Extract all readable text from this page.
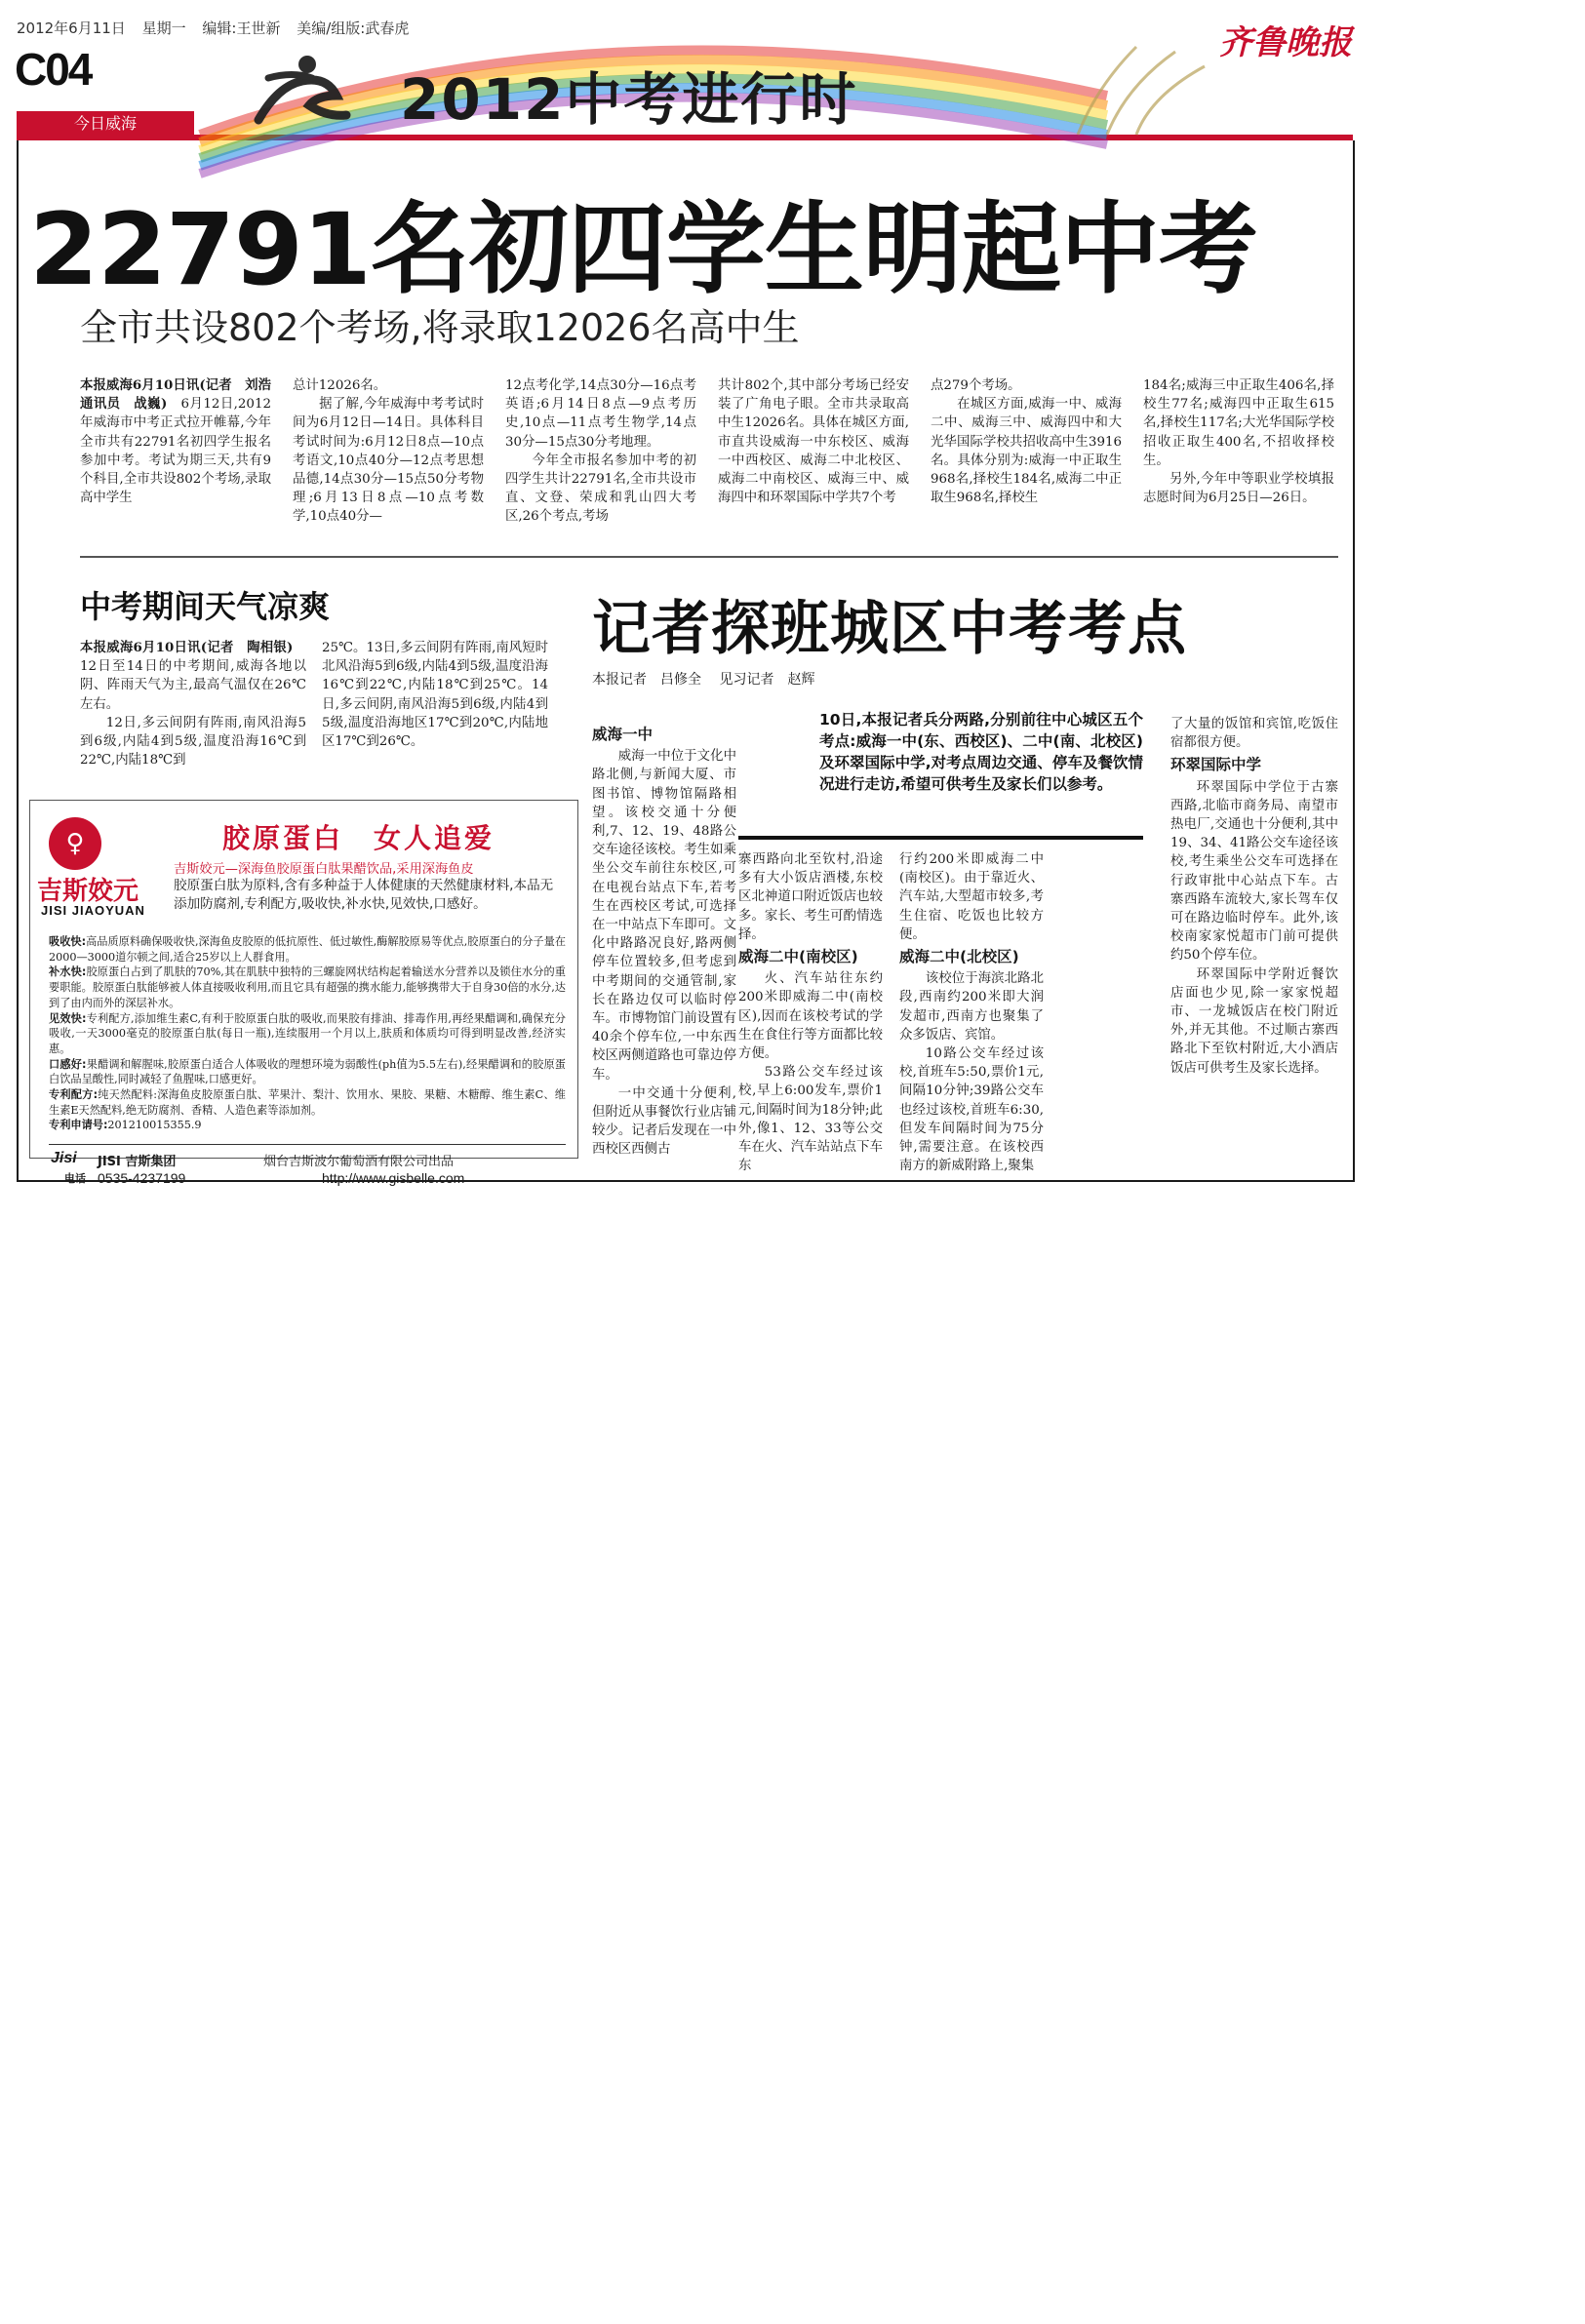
2012年6月11日 星期一 编辑:王世新 美编/组版:武春虎
C04
今日威海	2012中考进行时
齐鲁晚报
22791名初四学生明起中考
全市共设802个考场,将录取12026名高中生
本报威海6月10日讯(记者　刘浩　通讯员　战巍)　6月12日,2012年威海市中考正式拉开帷幕,今年全市共有22791名初四学生报名参加中考。考试为期三天,共有9个科目,全市共设802个考场,录取高中学生
总计12026名。
据了解,今年威海中考考试时间为6月12日—14日。具体科目考试时间为:6月12日8点—10点考语文,10点40分—12点考思想品德,14点30分—15点50分考物理;6月13日8点—10点考数学,10点40分—
12点考化学,14点30分—16点考英语;6月14日8点—9点考历史,10点—11点考生物学,14点30分—15点30分考地理。
今年全市报名参加中考的初四学生共计22791名,全市共设市直、文登、荣成和乳山四大考区,26个考点,考场
共计802个,其中部分考场已经安装了广角电子眼。全市共录取高中生12026名。具体在城区方面,市直共设威海一中东校区、威海一中西校区、威海二中北校区、威海二中南校区、威海三中、威海四中和环翠国际中学共7个考
点279个考场。
在城区方面,威海一中、威海二中、威海三中、威海四中和大光华国际学校共招收高中生3916名。具体分别为:威海一中正取生968名,择校生184名,威海二中正取生968名,择校生
184名;威海三中正取生406名,择校生77名;威海四中正取生615名,择校生117名;大光华国际学校招收正取生400名,不招收择校生。
另外,今年中等职业学校填报志愿时间为6月25日—26日。
中考期间天气凉爽
本报威海6月10日讯(记者　陶相银)　12日至14日的中考期间,威海各地以阴、阵雨天气为主,最高气温仅在26℃左右。
12日,多云间阴有阵雨,南风沿海5到6级,内陆4到5级,温度沿海16℃到22℃,内陆18℃到
25℃。13日,多云间阴有阵雨,南风短时北风沿海5到6级,内陆4到5级,温度沿海16℃到22℃,内陆18℃到25℃。14日,多云间阴,南风沿海5到6级,内陆4到5级,温度沿海地区17℃到20℃,内陆地区17℃到26℃。
记者探班城区中考考点
本报记者　吕修全 见习记者　赵辉
10日,本报记者兵分两路,分别前往中心城区五个考点:威海一中(东、西校区)、二中(南、北校区)及环翠国际中学,对考点周边交通、停车及餐饮情况进行走访,希望可供考生及家长们以参考。
威海一中

威海一中位于文化中路北侧,与新闻大厦、市图书馆、博物馆隔路相望。该校交通十分便利,7、12、19、48路公交车途径该校。考生如乘坐公交车前往东校区,可在电视台站点下车,若考生在西校区考试,可选择在一中站点下车即可。文化中路路况良好,路两侧停车位置较多,但考虑到中考期间的交通管制,家长在路边仅可以临时停车。市博物馆门前设置有40余个停车位,一中东西校区两侧道路也可靠边停车。

一中交通十分便利,但附近从事餐饮行业店铺较少。记者后发现在一中西校区西侧古

寨西路向北至钦村,沿途多有大小饭店酒楼,东校区北神道口附近饭店也较多。家长、考生可酌情选择。

威海二中(南校区)

火、汽车站往东约200米即威海二中(南校区),因而在该校考试的学生在食住行等方面都比较方便。

53路公交车经过该校,早上6:00发车,票价1元,间隔时间为18分钟;此外,像1、12、33等公交车在火、汽车站站点下车东

行约200米即威海二中(南校区)。由于靠近火、汽车站,大型超市较多,考生住宿、吃饭也比较方便。

威海二中(北校区)

该校位于海滨北路北段,西南约200米即大润发超市,西南方也聚集了众多饭店、宾馆。

10路公交车经过该校,首班车5:50,票价1元,间隔10分钟;39路公交车也经过该校,首班车6:30,但发车间隔时间为75分钟,需要注意。在该校西南方的新威附路上,聚集

了大量的饭馆和宾馆,吃饭住宿都很方便。

环翠国际中学

环翠国际中学位于古寨西路,北临市商务局、南望市热电厂,交通也十分便利,其中19、34、41路公交车途径该校,考生乘坐公交车可选择在行政审批中心站点下车。古寨西路车流较大,家长驾车仅可在路边临时停车。此外,该校南家家悦超市门前可提供约50个停车位。

环翠国际中学附近餐饮店面也少见,除一家家悦超市、一龙城饭店在校门附近外,并无其他。不过顺古寨西路北下至钦村附近,大小酒店饭店可供考生及家长选择。

♀
吉斯姣元
JISI JIAOYUAN
胶原蛋白　女人追爱
吉斯姣元—深海鱼胶原蛋白肽果醋饮品,采用深海鱼皮
胶原蛋白肽为原料,含有多种益于人体健康的天然健康材料,本品无添加防腐剂,专利配方,吸收快,补水快,见效快,口感好。
吸收快:高品质原料确保吸收快,深海鱼皮胶原的低抗原性、低过敏性,酶解胶原易等优点,胶原蛋白的分子量在2000—3000道尔顿之间,适合25岁以上人群食用。
补水快:胶原蛋白占到了肌肤的70%,其在肌肤中独特的三螺旋网状结构起着输送水分营养以及锁住水分的重要职能。胶原蛋白肽能够被人体直接吸收利用,而且它具有超强的携水能力,能够携带大于自身30倍的水分,达到了由内而外的深层补水。
见效快:专利配方,添加维生素C,有利于胶原蛋白肽的吸收,而果胶有排油、排毒作用,再经果醋调和,确保充分吸收,一天3000毫克的胶原蛋白肽(每日一瓶),连续服用一个月以上,肤质和体质均可得到明显改善,经济实惠。
口感好:果醋调和解腥味,胶原蛋白适合人体吸收的理想环境为弱酸性(ph值为5.5左右),经果醋调和的胶原蛋白饮品呈酸性,同时减轻了鱼腥味,口感更好。
专利配方:纯天然配料:深海鱼皮胶原蛋白肽、苹果汁、梨汁、饮用水、果胶、果糖、木糖醇、维生素C、维生素E天然配料,绝无防腐剂、香精、人造色素等添加剂。
专利申请号:201210015355.9
Jisi JISI 吉斯集团	烟台吉斯波尔葡萄酒有限公司出品
电话 0535-4237199	http://www.gisbelle.com
